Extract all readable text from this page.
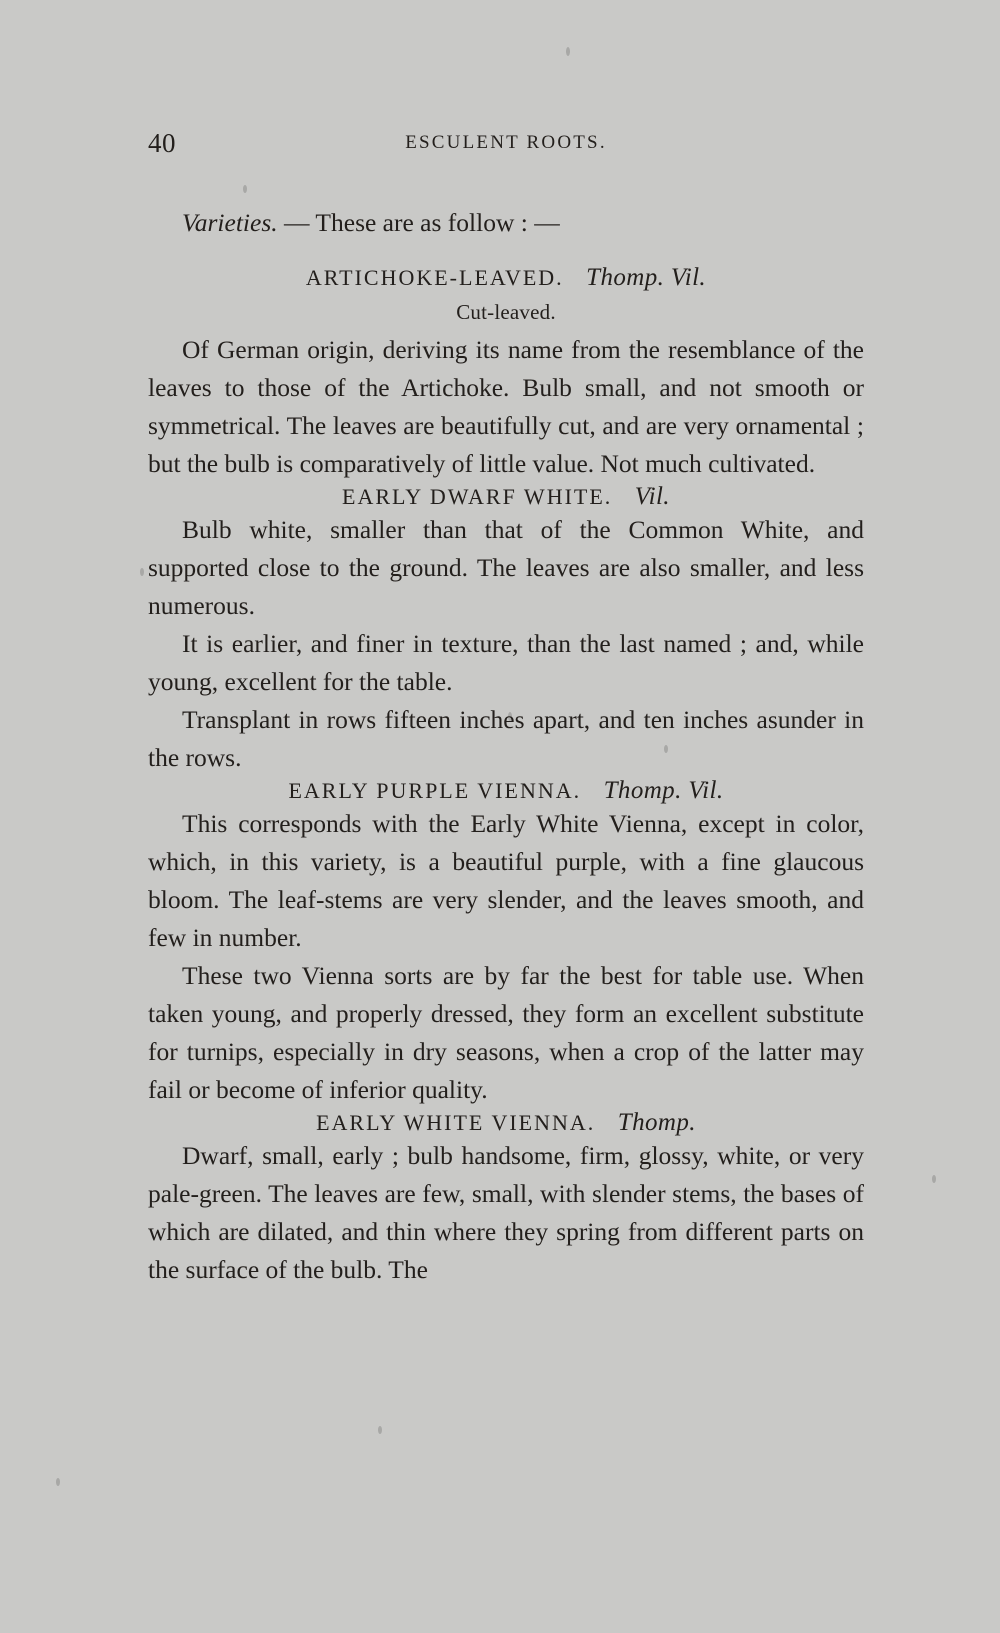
40	ESCULENT ROOTS.

Varieties. — These are as follow : —

ARTICHOKE-LEAVED. Thomp. Vil.
Cut-leaved.

Of German origin, deriving its name from the resemblance of the leaves to those of the Artichoke. Bulb small, and not smooth or symmetrical. The leaves are beautifully cut, and are very ornamental ; but the bulb is comparatively of little value. Not much cultivated.

EARLY DWARF WHITE. Vil.

Bulb white, smaller than that of the Common White, and supported close to the ground. The leaves are also smaller, and less numerous.

It is earlier, and finer in texture, than the last named ; and, while young, excellent for the table.

Transplant in rows fifteen inches apart, and ten inches asunder in the rows.

EARLY PURPLE VIENNA. Thomp. Vil.

This corresponds with the Early White Vienna, except in color, which, in this variety, is a beautiful purple, with a fine glaucous bloom. The leaf-stems are very slender, and the leaves smooth, and few in number.

These two Vienna sorts are by far the best for table use. When taken young, and properly dressed, they form an excellent substitute for turnips, especially in dry seasons, when a crop of the latter may fail or become of inferior quality.

EARLY WHITE VIENNA. Thomp.

Dwarf, small, early ; bulb handsome, firm, glossy, white, or very pale-green. The leaves are few, small, with slender stems, the bases of which are dilated, and thin where they spring from different parts on the surface of the bulb. The
